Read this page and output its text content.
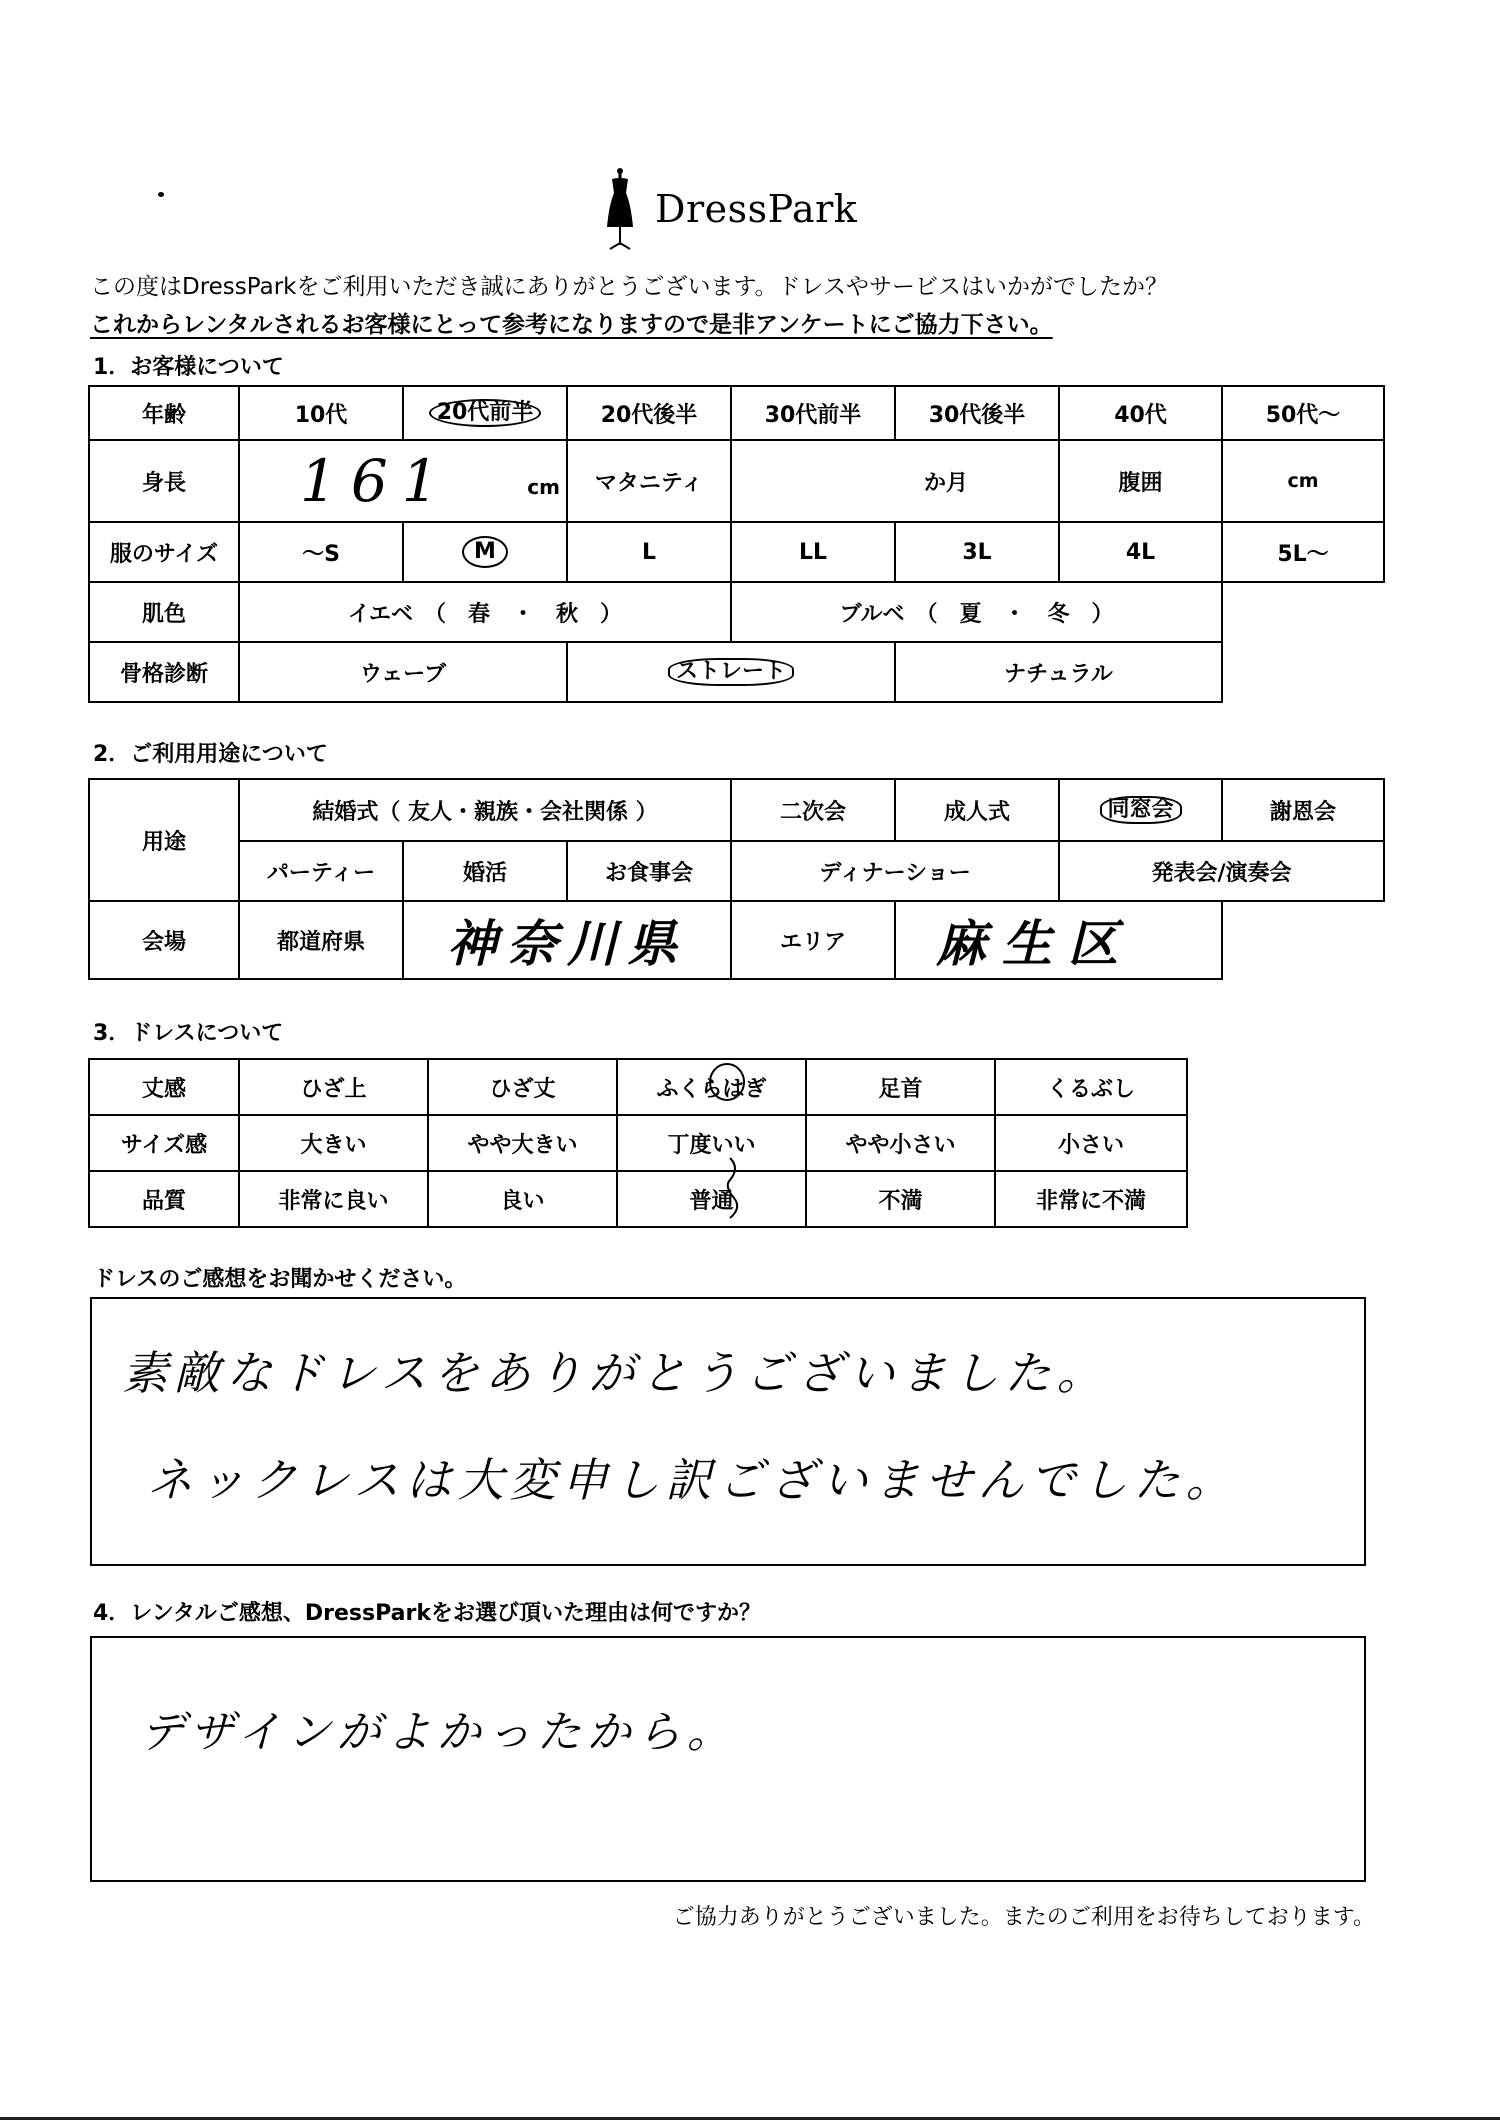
DressPark
この度はDressParkをご利用いただき誠にありがとうございます。ドレスやサービスはいかがでしたか？
これからレンタルされるお客様にとって参考になりますので是非アンケートにご協力下さい。
1．お客様について
年齢	10代	20代前半	20代後半	30代前半	30代後半	40代	50代～
身長	161 cm		マタニティ	か月		腹囲	cm
服のサイズ	～S	M	L	LL	3L	4L	5L～
肌色	イエベ　（　春　・　秋　）			ブルベ　（　夏　・　冬　）			
骨格診断	ウェーブ		ストレート		ナチュラル		
2．ご利用用途について
用途	結婚式（ 友人・親族・会社関係 ）			二次会	成人式	同窓会	謝恩会
	パーティー	婚活	お食事会	ディナーショー		発表会/演奏会	
会場	都道府県	神奈川県		エリア	麻生区		
3．ドレスについて
丈感	ひざ上	ひざ丈	ふくらはぎ	足首	くるぶし
サイズ感	大きい	やや大きい	丁度いい	やや小さい	小さい
品質	非常に良い	良い	普通	不満	非常に不満
ドレスのご感想をお聞かせください。
素敵なドレスをありがとうございました。
ネックレスは大変申し訳ございませんでした。
4．レンタルご感想、DressParkをお選び頂いた理由は何ですか？
デザインがよかったから。
ご協力ありがとうございました。またのご利用をお待ちしております。
